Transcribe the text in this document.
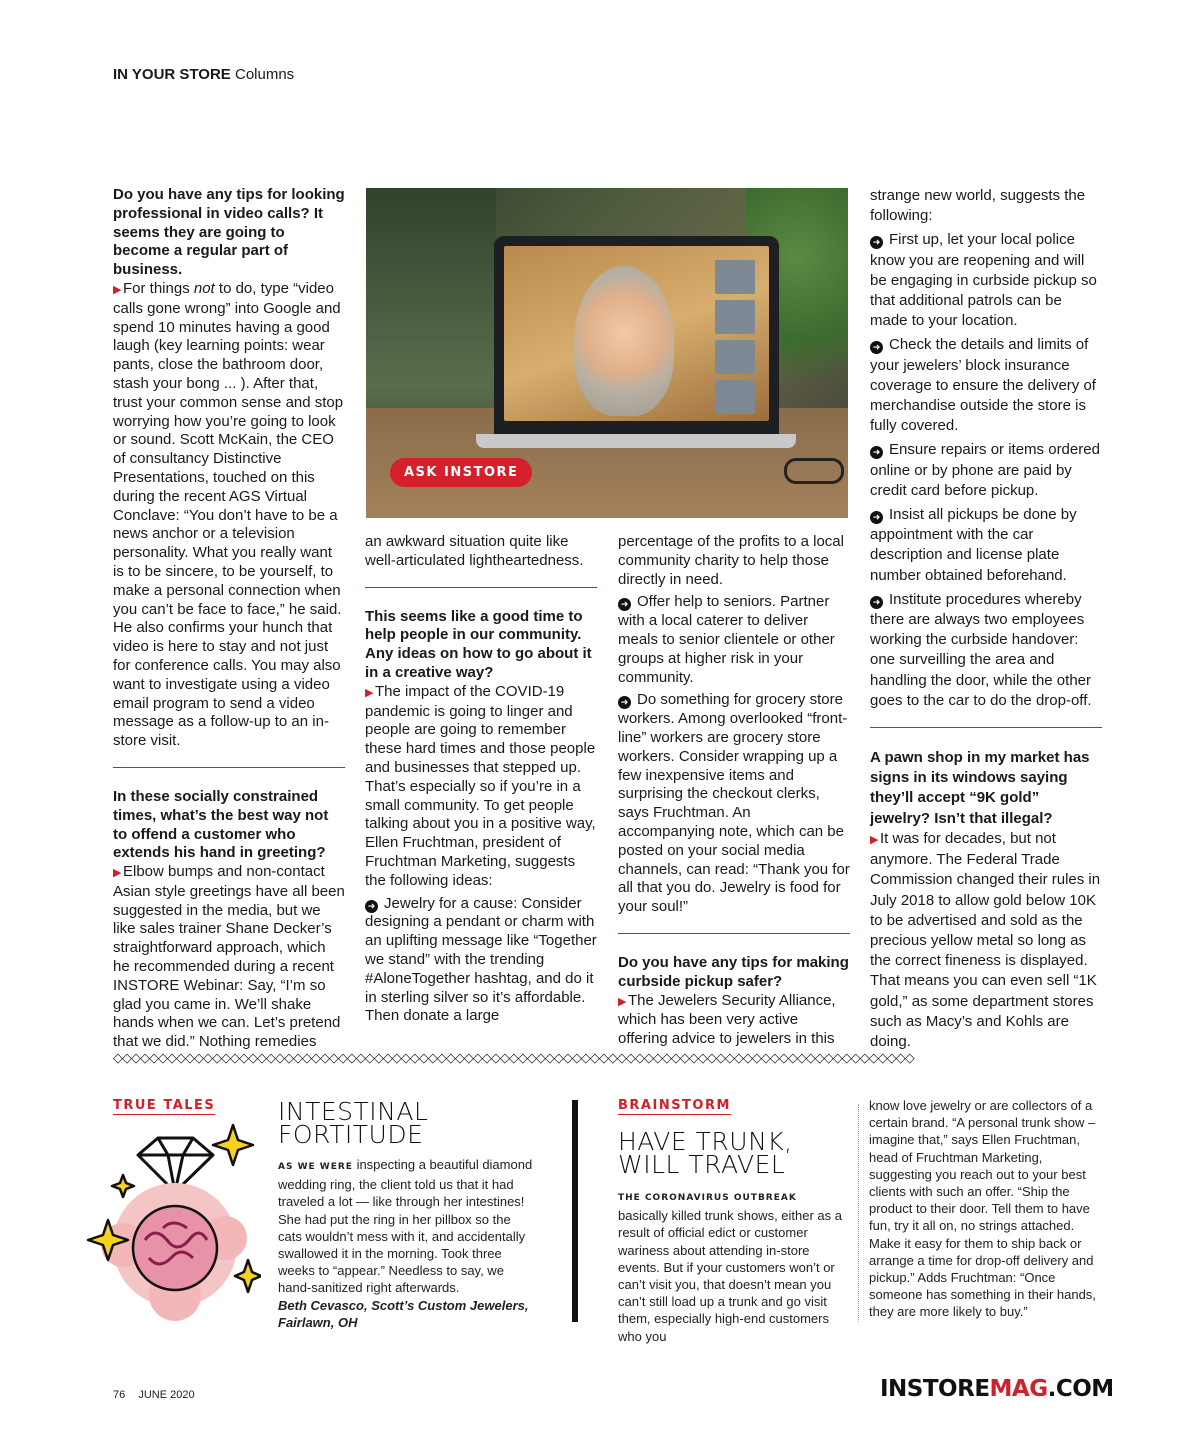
IN YOUR STORE Columns

Do you have any tips for looking professional in video calls? It seems they are going to become a regular part of business.

▶ For things not to do, type “video calls gone wrong” into Google and spend 10 minutes having a good laugh (key learning points: wear pants, close the bathroom door, stash your bong ... ). After that, trust your common sense and stop worrying how you’re going to look or sound. Scott McKain, the CEO of consultancy Distinctive Presentations, touched on this during the recent AGS Virtual Conclave: “You don’t have to be a news anchor or a television personality. What you really want is to be sincere, to be yourself, to make a personal connection when you can’t be face to face,” he said. He also confirms your hunch that video is here to stay and not just for conference calls. You may also want to investigate using a video email program to send a video message as a follow-up to an in-store visit.

In these socially constrained times, what’s the best way not to offend a customer who extends his hand in greeting?

▶ Elbow bumps and non-contact Asian style greetings have all been suggested in the media, but we like sales trainer Shane Decker’s straightforward approach, which he recommended during a recent INSTORE Webinar: Say, “I’m so glad you came in. We’ll shake hands when we can. Let’s pretend that we did.” Nothing remedies

ASK INSTORE

an awkward situation quite like well-articulated lightheartedness.

This seems like a good time to help people in our community. Any ideas on how to go about it in a creative way?

▶ The impact of the COVID-19 pandemic is going to linger and people are going to remember these hard times and those people and businesses that stepped up. That’s especially so if you’re in a small community. To get people talking about you in a positive way, Ellen Fruchtman, president of Fruchtman Marketing, suggests the following ideas:

➜ Jewelry for a cause: Consider designing a pendant or charm with an uplifting message like “Together we stand” with the trending #AloneTogether hashtag, and do it in sterling silver so it’s affordable. Then donate a large

percentage of the profits to a local community charity to help those directly in need.

➜ Offer help to seniors. Partner with a local caterer to deliver meals to senior clientele or other groups at higher risk in your community.

➜ Do something for grocery store workers. Among overlooked “front-line” workers are grocery store workers. Consider wrapping up a few inexpensive items and surprising the checkout clerks, says Fruchtman. An accompanying note, which can be posted on your social media channels, can read: “Thank you for all that you do. Jewelry is food for your soul!”

Do you have any tips for making curbside pickup safer?

▶ The Jewelers Security Alliance, which has been very active offering advice to jewelers in this

strange new world, suggests the following:

➜ First up, let your local police know you are reopening and will be engaging in curbside pickup so that additional patrols can be made to your location.

➜ Check the details and limits of your jewelers’ block insurance coverage to ensure the delivery of merchandise outside the store is fully covered.

➜ Ensure repairs or items ordered online or by phone are paid by credit card before pickup.

➜ Insist all pickups be done by appointment with the car description and license plate number obtained beforehand.

➜ Institute procedures whereby there are always two employees working the curbside handover: one surveilling the area and handling the door, while the other goes to the car to do the drop-off.

A pawn shop in my market has signs in its windows saying they’ll accept “9K gold” jewelry? Isn’t that illegal?

▶ It was for decades, but not anymore. The Federal Trade Commission changed their rules in July 2018 to allow gold below 10K to be advertised and sold as the precious yellow metal so long as the correct fineness is displayed. That means you can even sell “1K gold,” as some department stores such as Macy’s and Kohls are doing.

◇◇◇◇◇◇◇◇◇◇◇◇◇◇◇◇◇◇◇◇◇◇◇◇◇◇◇◇◇◇◇◇◇◇◇◇◇◇◇◇◇◇◇◇◇◇◇◇◇◇◇◇◇◇◇◇◇◇◇◇◇◇◇◇◇◇◇◇◇◇◇◇◇◇◇◇◇◇◇◇◇◇◇◇◇◇◇◇◇
TRUE TALES	INTESTINAL
FORTITUDE
AS WE WERE inspecting a beautiful diamond wedding ring, the client told us that it had traveled a lot — like through her intestines! She had put the ring in her pillbox so the cats wouldn’t mess with it, and accidentally swallowed it in the morning. Took three weeks to “appear.” Needless to say, we hand-sanitized right afterwards.
Beth Cevasco, Scott’s Custom Jewelers, Fairlawn, OH
BRAINSTORM
HAVE TRUNK,
WILL TRAVEL
THE CORONAVIRUS OUTBREAK basically killed trunk shows, either as a result of official edict or customer wariness about attending in-store events. But if your customers won’t or can’t visit you, that doesn’t mean you can’t still load up a trunk and go visit them, especially high-end customers who you
know love jewelry or are collectors of a certain brand. “A personal trunk show – imagine that,” says Ellen Fruchtman, head of Fruchtman Marketing, suggesting you reach out to your best clients with such an offer. “Ship the product to their door. Tell them to have fun, try it all on, no strings attached. Make it easy for them to ship back or arrange a time for drop-off delivery and pickup.” Adds Fruchtman: “Once someone has something in their hands, they are more likely to buy.”
76 JUNE 2020	INSTOREMAG.COM
